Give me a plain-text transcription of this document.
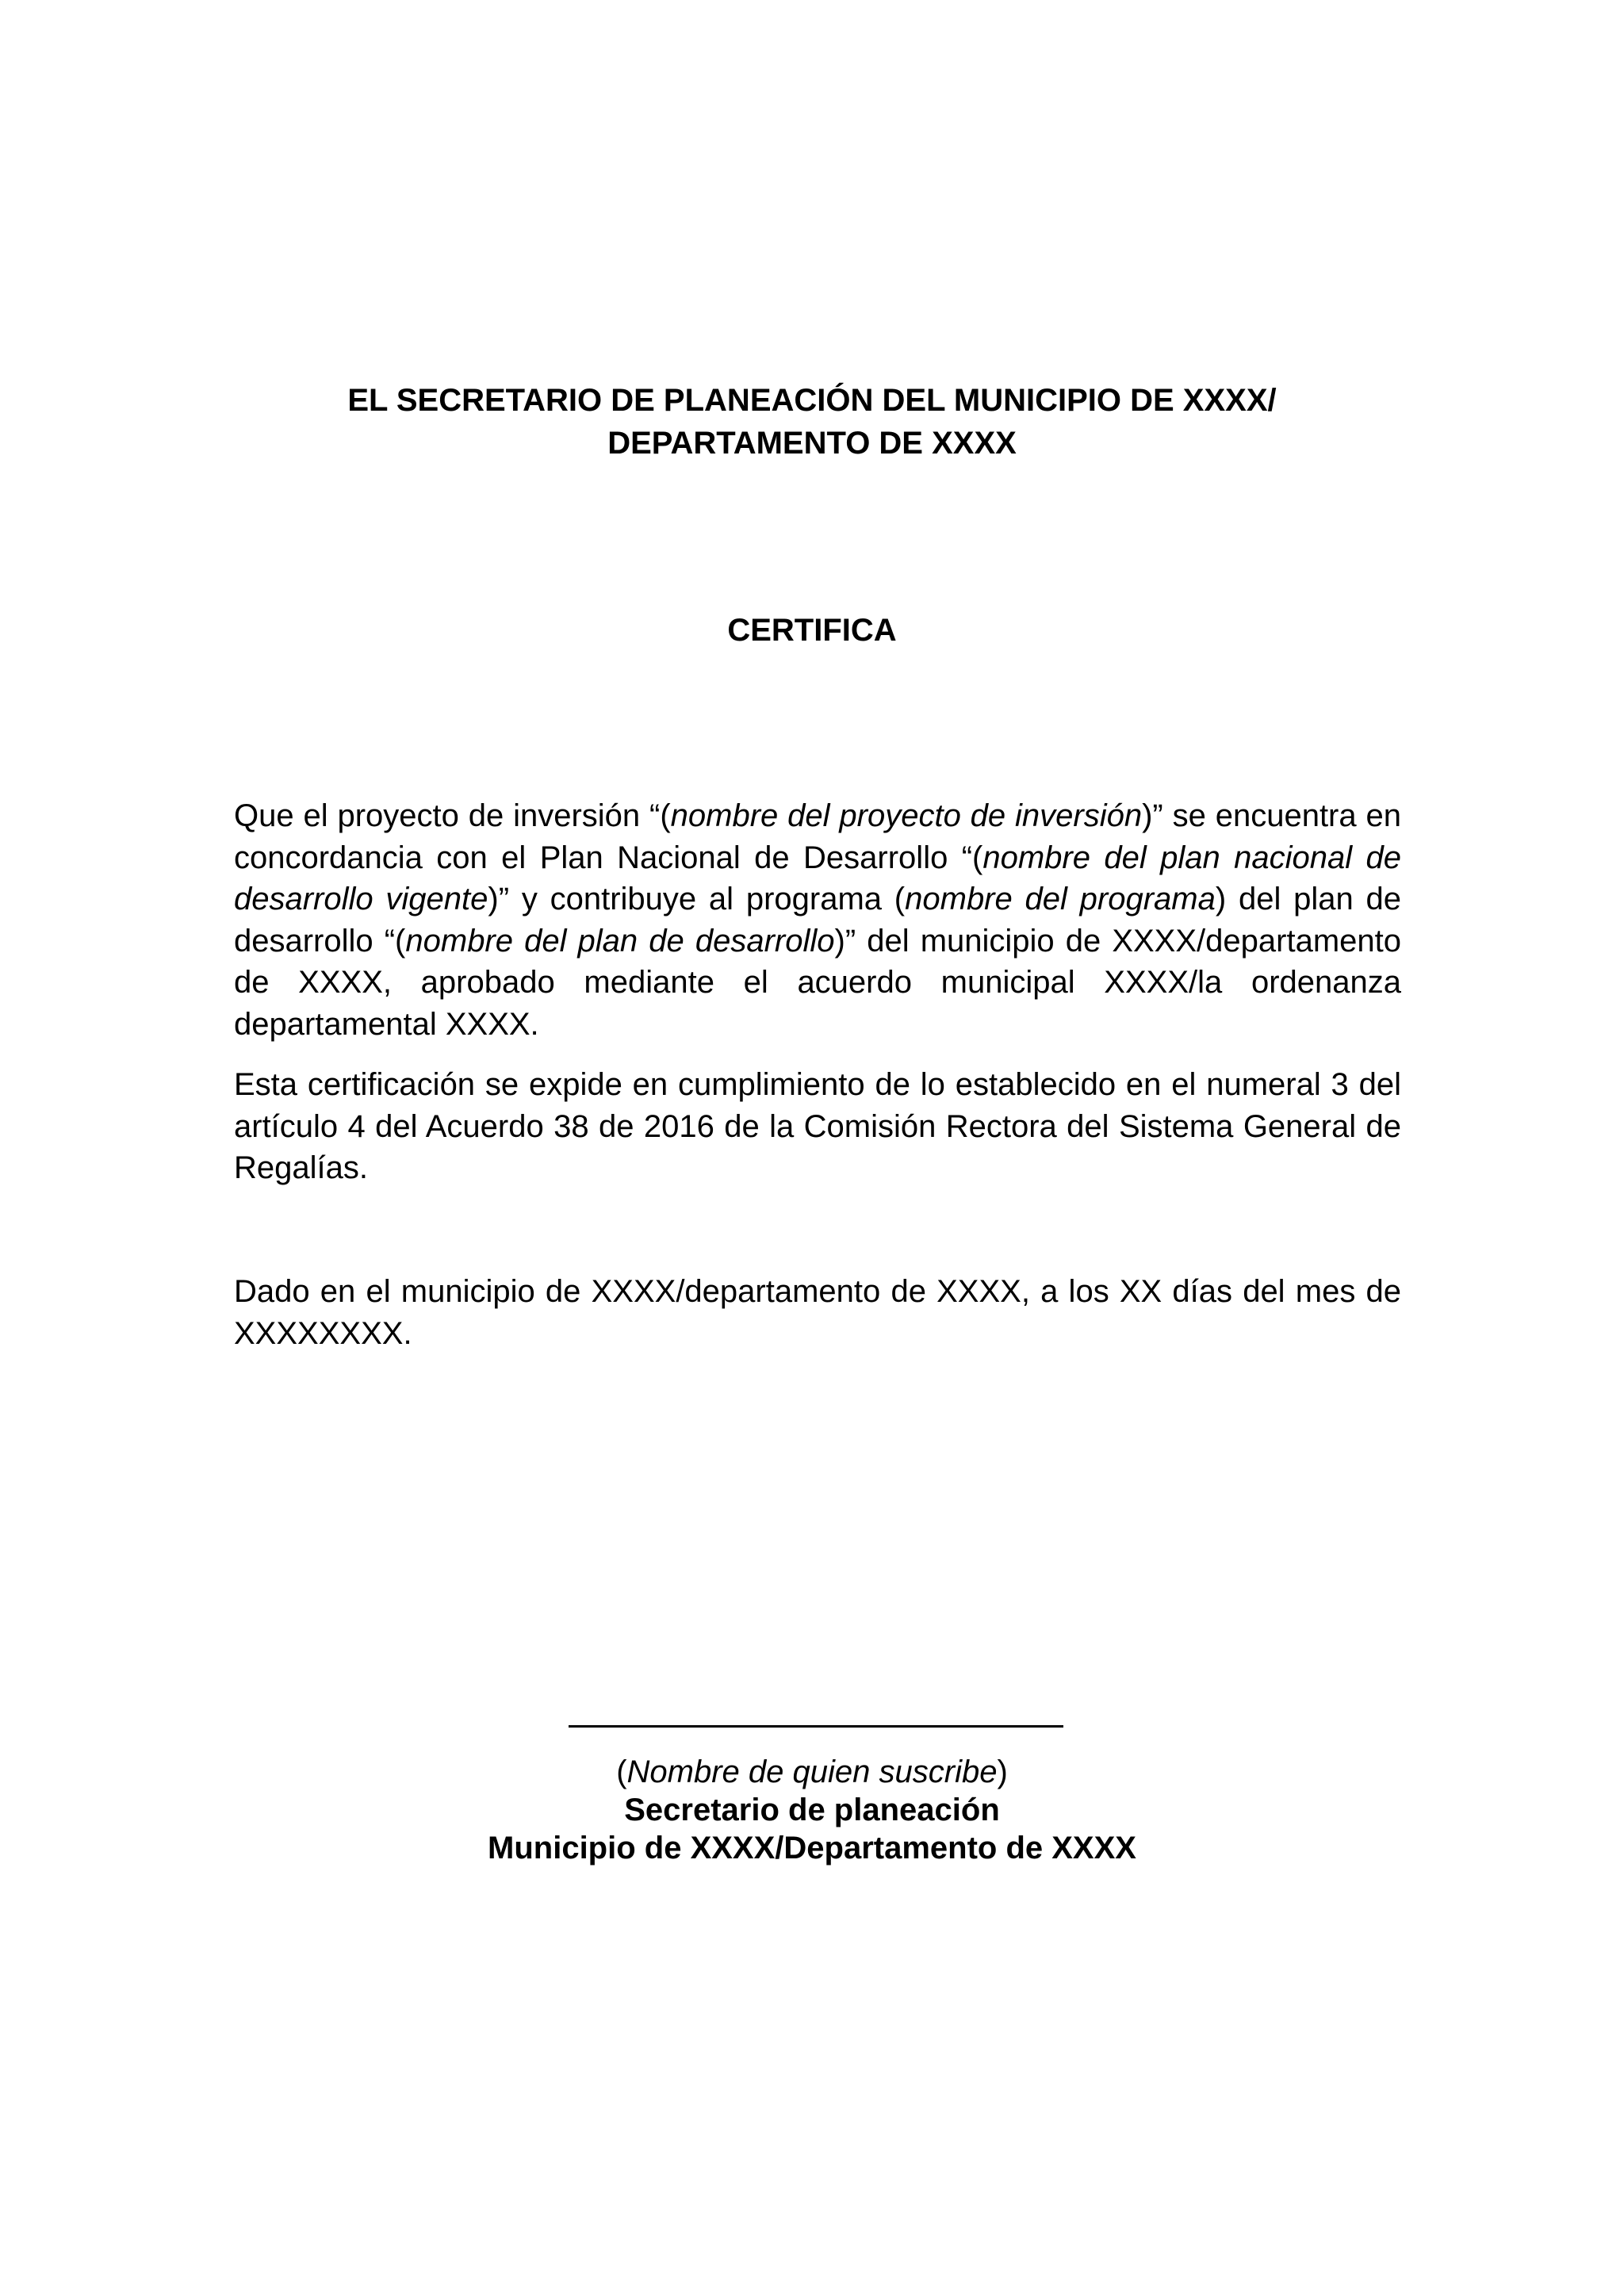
EL SECRETARIO DE PLANEACIÓN DEL MUNICIPIO DE XXXX/
DEPARTAMENTO DE XXXX
CERTIFICA

Que el proyecto de inversión “(nombre del proyecto de inversión)” se encuentra en concordancia con el Plan Nacional de Desarrollo “(nombre del plan nacional de desarrollo vigente)” y contribuye al programa (nombre del programa) del plan de desarrollo “(nombre del plan de desarrollo)” del municipio de XXXX/departamento de XXXX, aprobado mediante el acuerdo municipal XXXX/la ordenanza departamental XXXX.

Esta certificación se expide en cumplimiento de lo establecido en el numeral 3 del artículo 4 del Acuerdo 38 de 2016 de la Comisión Rectora del Sistema General de Regalías.

Dado en el municipio de XXXX/departamento de XXXX, a los XX días del mes de XXXXXXXX.

(Nombre de quien suscribe)
Secretario de planeación
Municipio de XXXX/Departamento de XXXX
